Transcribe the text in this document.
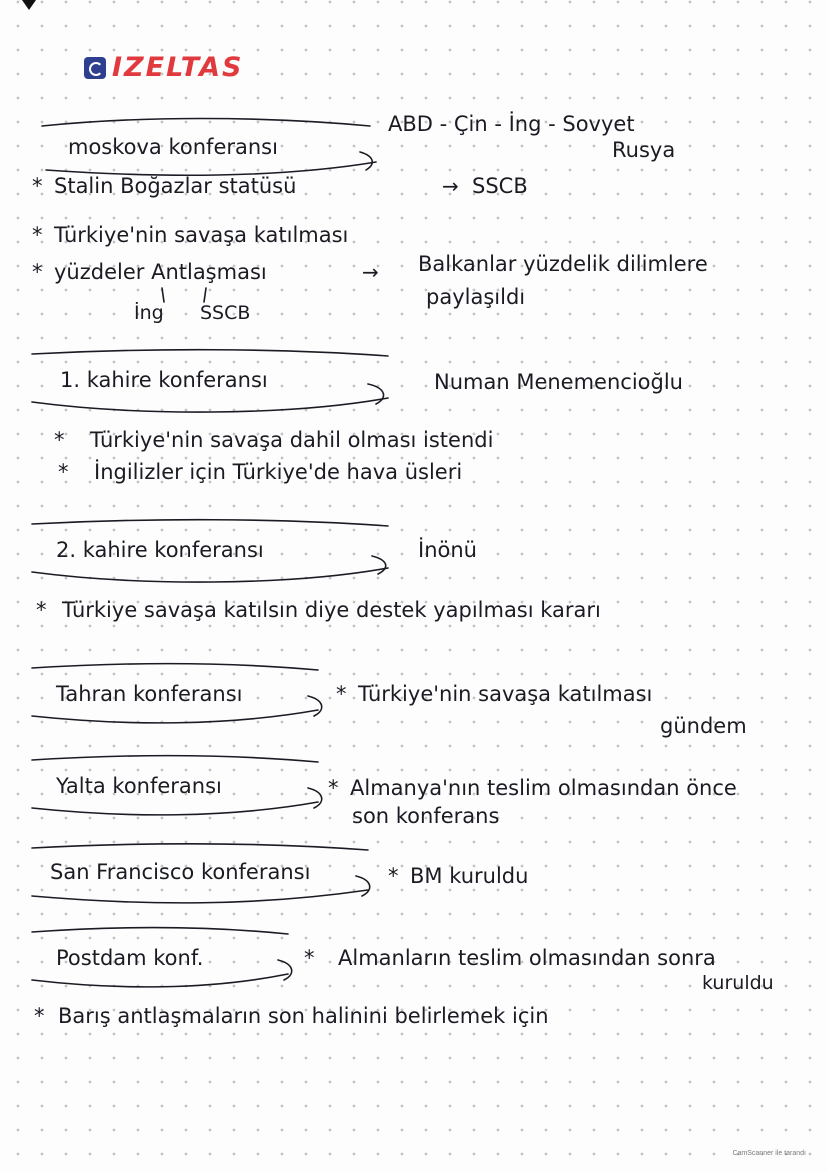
IZELTAS
moskova konferansı
ABD - Çin - İng - Sovyet
Rusya
* Stalin Boğazlar statüsü	→ SSCB
* Türkiye'nin savaşa katılması
* yüzdeler Antlaşması	→ Balkanlar yüzdelik dilimlere
paylaşıldı
İng SSCB
1. kahire konferansı	Numan Menemencioğlu
* Türkiye'nin savaşa dahil olması istendi
* İngilizler için Türkiye'de hava üsleri
2. kahire konferansı	İnönü
* Türkiye savaşa katılsın diye destek yapılması kararı
Tahran konferansı	* Türkiye'nin savaşa katılması
gündem
Yalta konferansı	* Almanya'nın teslim olmasından önce
son konferans
San Francisco konferansı	* BM kuruldu
Postdam konf.	* Almanların teslim olmasından sonra
kuruldu
* Barış antlaşmaların son halinini belirlemek için
CamScanner ile tarandı
